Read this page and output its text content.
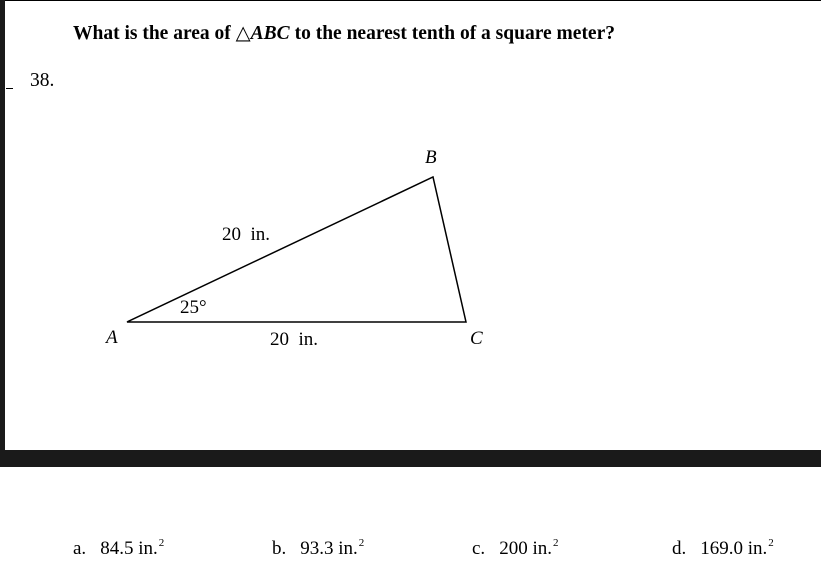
What is the area of △ABC to the nearest tenth of a square meter?
38.
A
B
C
20  in.
20  in.
25°
a. 84.5 in.$^2$	b. 93.3 in.$^2$	c. 200 in.$^2$	d. 169.0 in.$^2$
